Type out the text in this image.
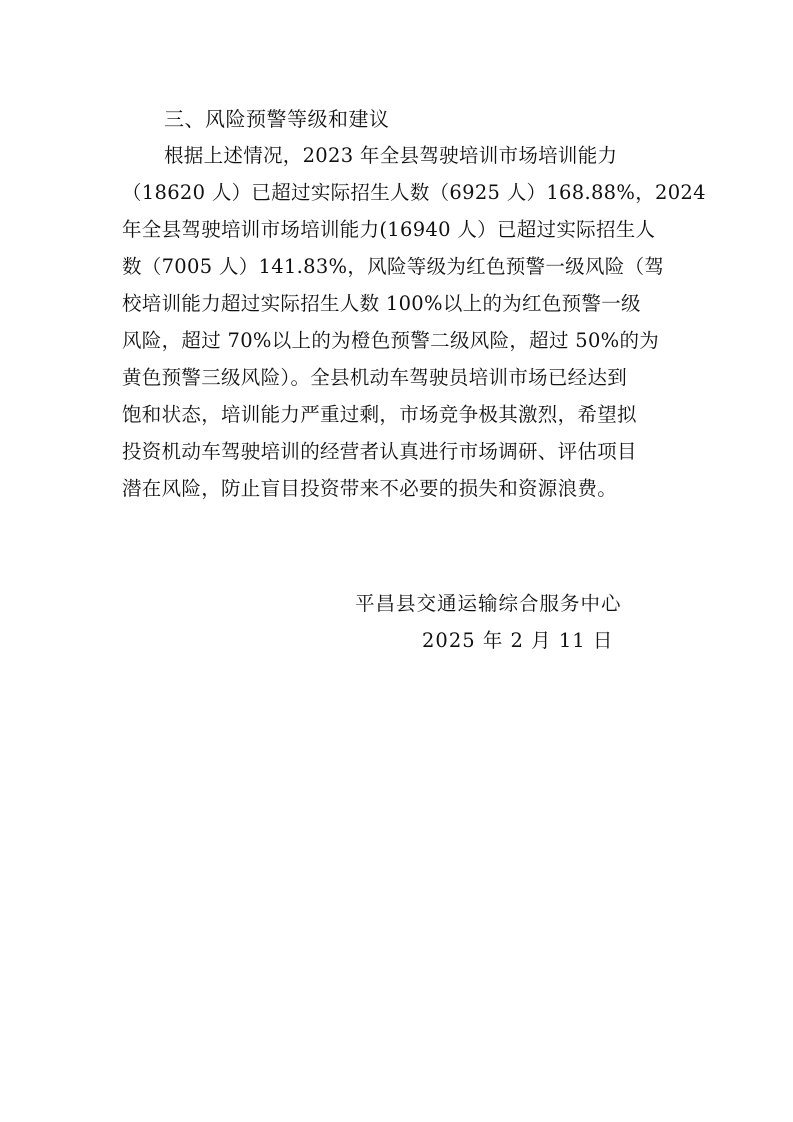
三、风险预警等级和建议
根据上述情况，2023 年全县驾驶培训市场培训能力
（18620 人）已超过实际招生人数（6925 人）168.88%，2024
年全县驾驶培训市场培训能力(16940 人）已超过实际招生人
数（7005 人）141.83%，风险等级为红色预警一级风险（驾
校培训能力超过实际招生人数 100%以上的为红色预警一级
风险，超过 70%以上的为橙色预警二级风险，超过 50%的为
黄色预警三级风险）。全县机动车驾驶员培训市场已经达到
饱和状态，培训能力严重过剩，市场竞争极其激烈，希望拟
投资机动车驾驶培训的经营者认真进行市场调研、评估项目
潜在风险，防止盲目投资带来不必要的损失和资源浪费。
平昌县交通运输综合服务中心
2025 年 2 月 11 日
